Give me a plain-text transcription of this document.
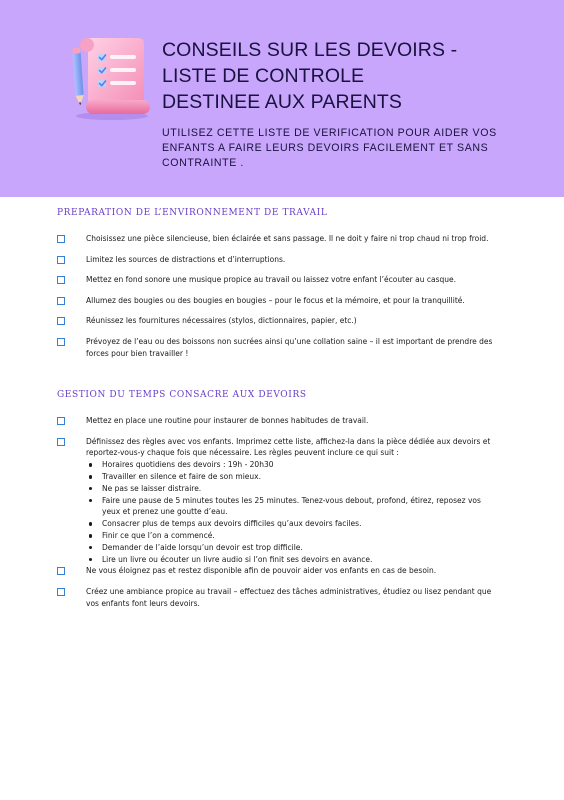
CONSEILS SUR LES DEVOIRS -
LISTE DE CONTROLE
DESTINEE AUX PARENTS

UTILISEZ CETTE LISTE DE VERIFICATION POUR AIDER VOS
ENFANTS A FAIRE LEURS DEVOIRS FACILEMENT ET SANS
CONTRAINTE .

PREPARATION DE L’ENVIRONNEMENT DE TRAVAIL
Choisissez une pièce silencieuse, bien éclairée et sans passage. Il ne doit y faire ni trop chaud ni trop froid.
Limitez les sources de distractions et d’interruptions.
Mettez en fond sonore une musique propice au travail ou laissez votre enfant l’écouter au casque.
Allumez des bougies ou des bougies en bougies – pour le focus et la mémoire, et pour la tranquillité.
Réunissez les fournitures nécessaires (stylos, dictionnaires, papier, etc.)
Prévoyez de l’eau ou des boissons non sucrées ainsi qu’une collation saine – il est important de prendre des
forces pour bien travailler !
GESTION DU TEMPS CONSACRE AUX DEVOIRS
Mettez en place une routine pour instaurer de bonnes habitudes de travail.
Définissez des règles avec vos enfants. Imprimez cette liste, affichez-la dans la pièce dédiée aux devoirs et
reportez-vous-y chaque fois que nécessaire. Les règles peuvent inclure ce qui suit :
Horaires quotidiens des devoirs : 19h - 20h30
Travailler en silence et faire de son mieux.
Ne pas se laisser distraire.
Faire une pause de 5 minutes toutes les 25 minutes. Tenez-vous debout, profond, étirez, reposez vos
yeux et prenez une goutte d’eau.
Consacrer plus de temps aux devoirs difficiles qu’aux devoirs faciles.
Finir ce que l’on a commencé.
Demander de l’aide lorsqu’un devoir est trop difficile.
Lire un livre ou écouter un livre audio si l’on finit ses devoirs en avance.
Ne vous éloignez pas et restez disponible afin de pouvoir aider vos enfants en cas de besoin.
Créez une ambiance propice au travail – effectuez des tâches administratives, étudiez ou lisez pendant que
vos enfants font leurs devoirs.
